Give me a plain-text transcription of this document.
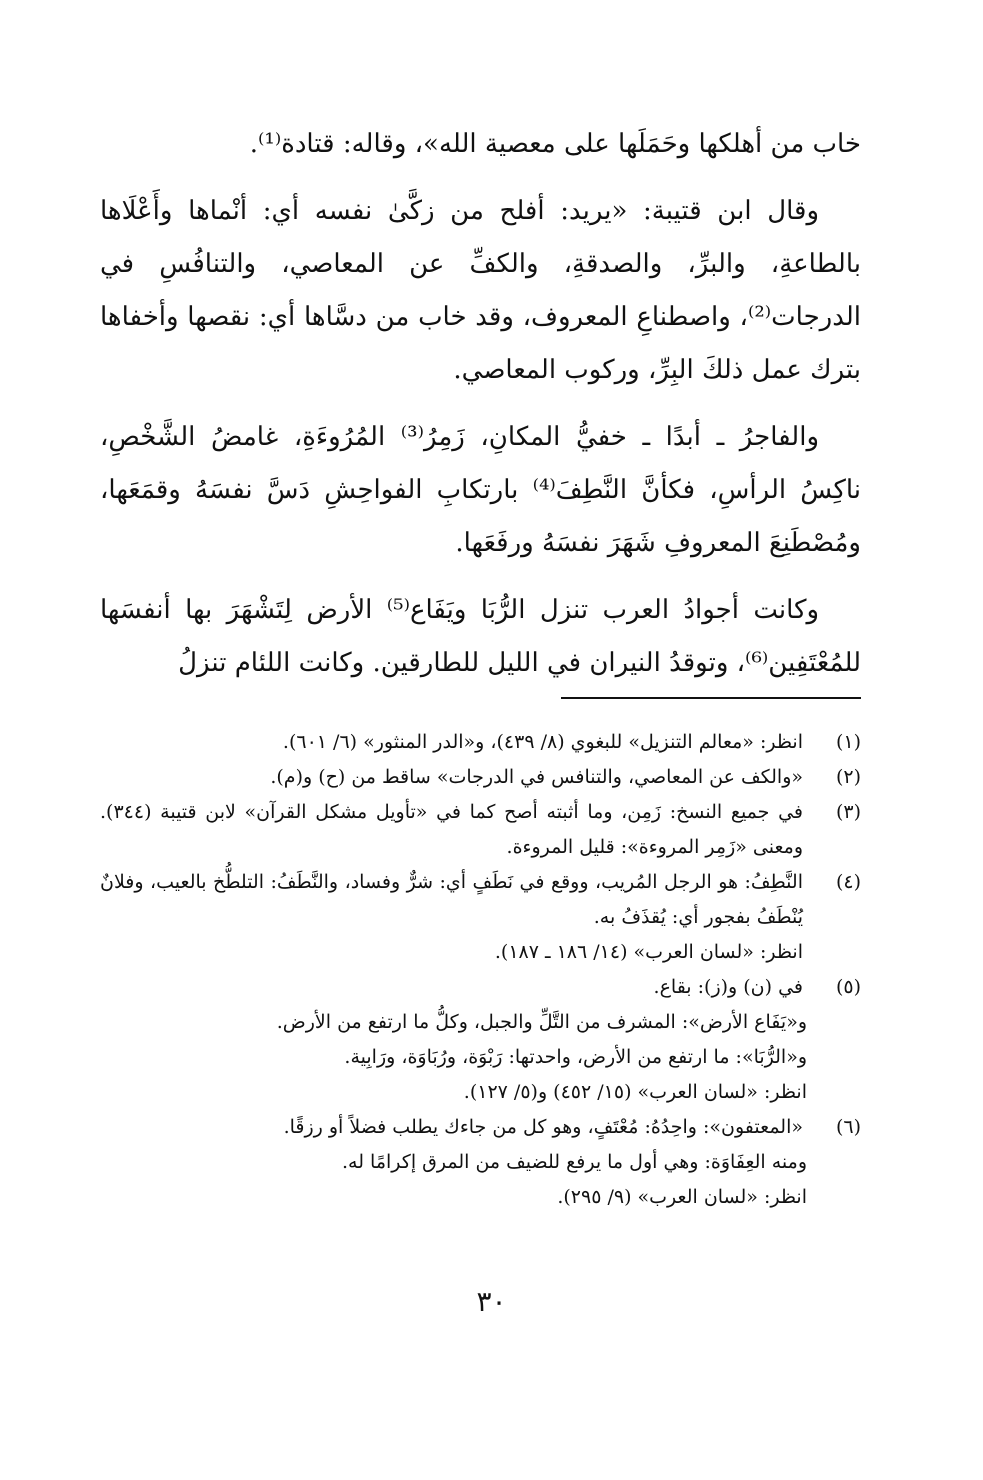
خاب من أهلكها وحَمَلَها على معصية الله»، وقاله: قتادة⁽¹⁾.

وقال ابن قتيبة: «يريد: أفلح من زكَّىٰ نفسه أي: أنْماها وأَعْلَاها بالطاعةِ، والبرِّ، والصدقةِ، والكفِّ عن المعاصي، والتنافُسِ في الدرجات⁽²⁾، واصطناعِ المعروف، وقد خاب من دسَّاها أي: نقصها وأخفاها بترك عمل ذلكَ البِرِّ، وركوب المعاصي.

والفاجرُ ـ أبدًا ـ خفيُّ المكانِ، زَمِرُ⁽³⁾ المُرُوءَةِ، غامضُ الشَّخْصِ، ناكِسُ الرأسِ، فكأنَّ النَّطِفَ⁽⁴⁾ بارتكابِ الفواحِشِ دَسَّ نفسَهُ وقمَعَها، ومُصْطَنِعَ المعروفِ شَهَرَ نفسَهُ ورفَعَها.

وكانت أجوادُ العرب تنزل الرُّبَا ويَفَاع⁽⁵⁾ الأرض لِتَشْهَرَ بها أنفسَها للمُعْتَفِين⁽⁶⁾، وتوقدُ النيران في الليل للطارقين. وكانت اللئام تنزلُ

(١)

انظر: «معالم التنزيل» للبغوي (٨/ ٤٣٩)، و«الدر المنثور» (٦/ ٦٠١).

(٢)

«والكف عن المعاصي، والتنافس في الدرجات» ساقط من (ح) و(م).

(٣)

في جميع النسخ: زَمِن، وما أثبته أصح كما في «تأويل مشكل القرآن» لابن قتيبة (٣٤٤). ومعنى «زَمِر المروءة»: قليل المروءة.

(٤)

النَّطِفُ: هو الرجل المُريب، ووقع في نَطَفٍ أي: شرٌّ وفساد، والنَّطَفُ: التلطُّخ بالعيب، وفلانٌ يُنْطَفُ بفجور أي: يُقذَفُ به.

انظر: «لسان العرب» (١٤/ ١٨٦ ـ ١٨٧).

(٥)

في (ن) و(ز): بقاع.

و«يَفَاع الأرض»: المشرف من التَّلِّ والجبل، وكلُّ ما ارتفع من الأرض.

و«الرُّبَا»: ما ارتفع من الأرض، واحدتها: رَبْوَة، ورُبَاوَة، ورَابِية.

انظر: «لسان العرب» (١٥/ ٤٥٢) و(٥/ ١٢٧).

(٦)

«المعتفون»: واحِدُهُ: مُعْتَفٍ، وهو كل من جاءك يطلب فضلاً أو رزقًا.

ومنه العِفَاوَة: وهي أول ما يرفع للضيف من المرق إكرامًا له.

انظر: «لسان العرب» (٩/ ٢٩٥).

٣٠
